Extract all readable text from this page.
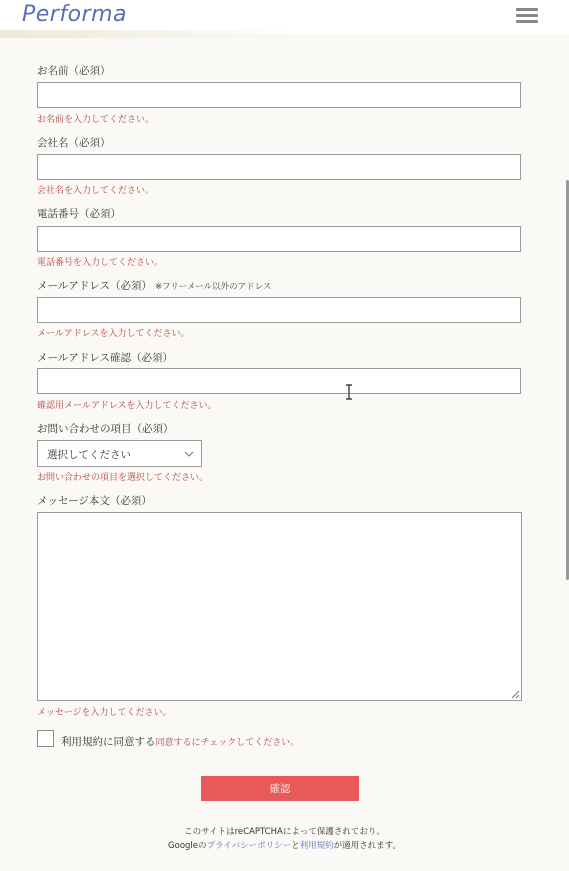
Performa
お名前（必須）
お名前を入力してください。
会社名（必須）
会社名を入力してください。
電話番号（必須）
電話番号を入力してください。
メールアドレス（必須） ※フリーメール以外のアドレス
メールアドレスを入力してください。
メールアドレス確認（必須）
確認用メールアドレスを入力してください。
お問い合わせの項目（必須）
選択してください
お問い合わせの項目を選択してください。
メッセージ本文（必須）
メッセージを入力してください。
利用規約に同意する同意するにチェックしてください。
確認
このサイトはreCAPTCHAによって保護されており、
Googleのプライバシーポリシーと利用規約が適用されます。
